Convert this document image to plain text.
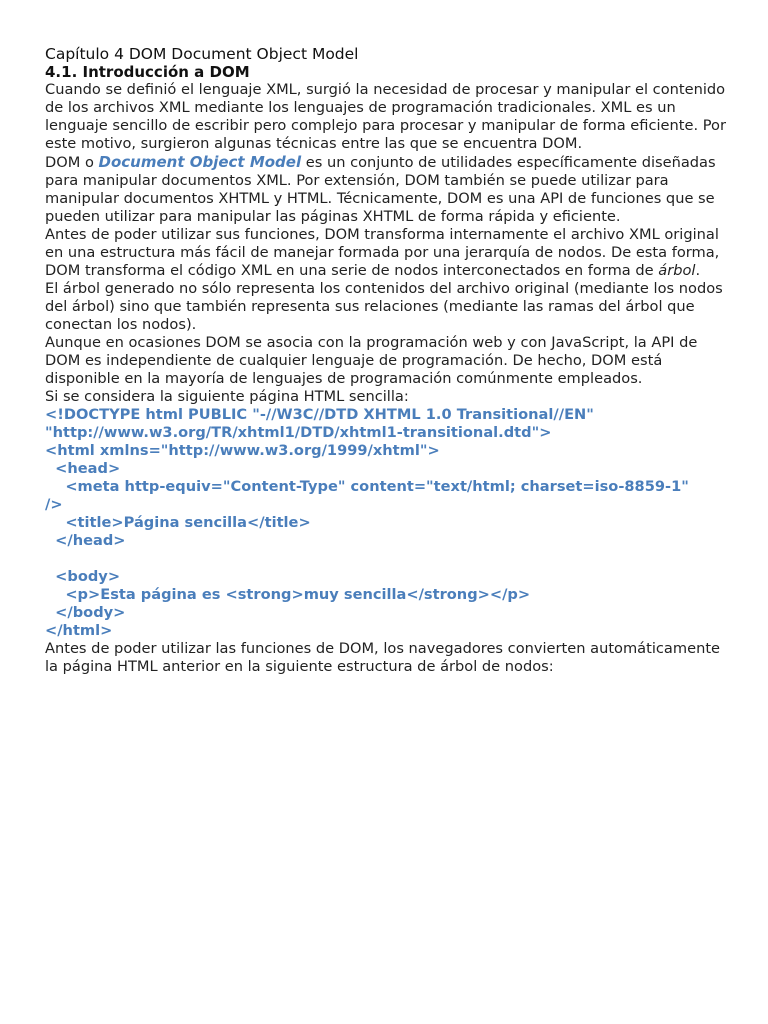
Capítulo 4 DOM Document Object Model
4.1. Introducción a DOM

Cuando se definió el lenguaje XML, surgió la necesidad de procesar y manipular el contenido de los archivos XML mediante los lenguajes de programación tradicionales. XML es un lenguaje sencillo de escribir pero complejo para procesar y manipular de forma eficiente. Por este motivo, surgieron algunas técnicas entre las que se encuentra DOM.

DOM o Document Object Model es un conjunto de utilidades específicamente diseñadas para manipular documentos XML. Por extensión, DOM también se puede utilizar para manipular documentos XHTML y HTML. Técnicamente, DOM es una API de funciones que se pueden utilizar para manipular las páginas XHTML de forma rápida y eficiente.

Antes de poder utilizar sus funciones, DOM transforma internamente el archivo XML original en una estructura más fácil de manejar formada por una jerarquía de nodos. De esta forma, DOM transforma el código XML en una serie de nodos interconectados en forma de árbol.

El árbol generado no sólo representa los contenidos del archivo original (mediante los nodos del árbol) sino que también representa sus relaciones (mediante las ramas del árbol que conectan los nodos).

Aunque en ocasiones DOM se asocia con la programación web y con JavaScript, la API de DOM es independiente de cualquier lenguaje de programación. De hecho, DOM está disponible en la mayoría de lenguajes de programación comúnmente empleados.

Si se considera la siguiente página HTML sencilla:

<!DOCTYPE html PUBLIC "-//W3C//DTD XHTML 1.0 Transitional//EN"
"http://www.w3.org/TR/xhtml1/DTD/xhtml1-transitional.dtd">
<html xmlns="http://www.w3.org/1999/xhtml">
<head>
<meta http-equiv="Content-Type" content="text/html; charset=iso-8859-1"
/>
<title>Página sencilla</title>
</head>
<body>
<p>Esta página es <strong>muy sencilla</strong></p>
</body>
</html>

Antes de poder utilizar las funciones de DOM, los navegadores convierten automáticamente la página HTML anterior en la siguiente estructura de árbol de nodos:
